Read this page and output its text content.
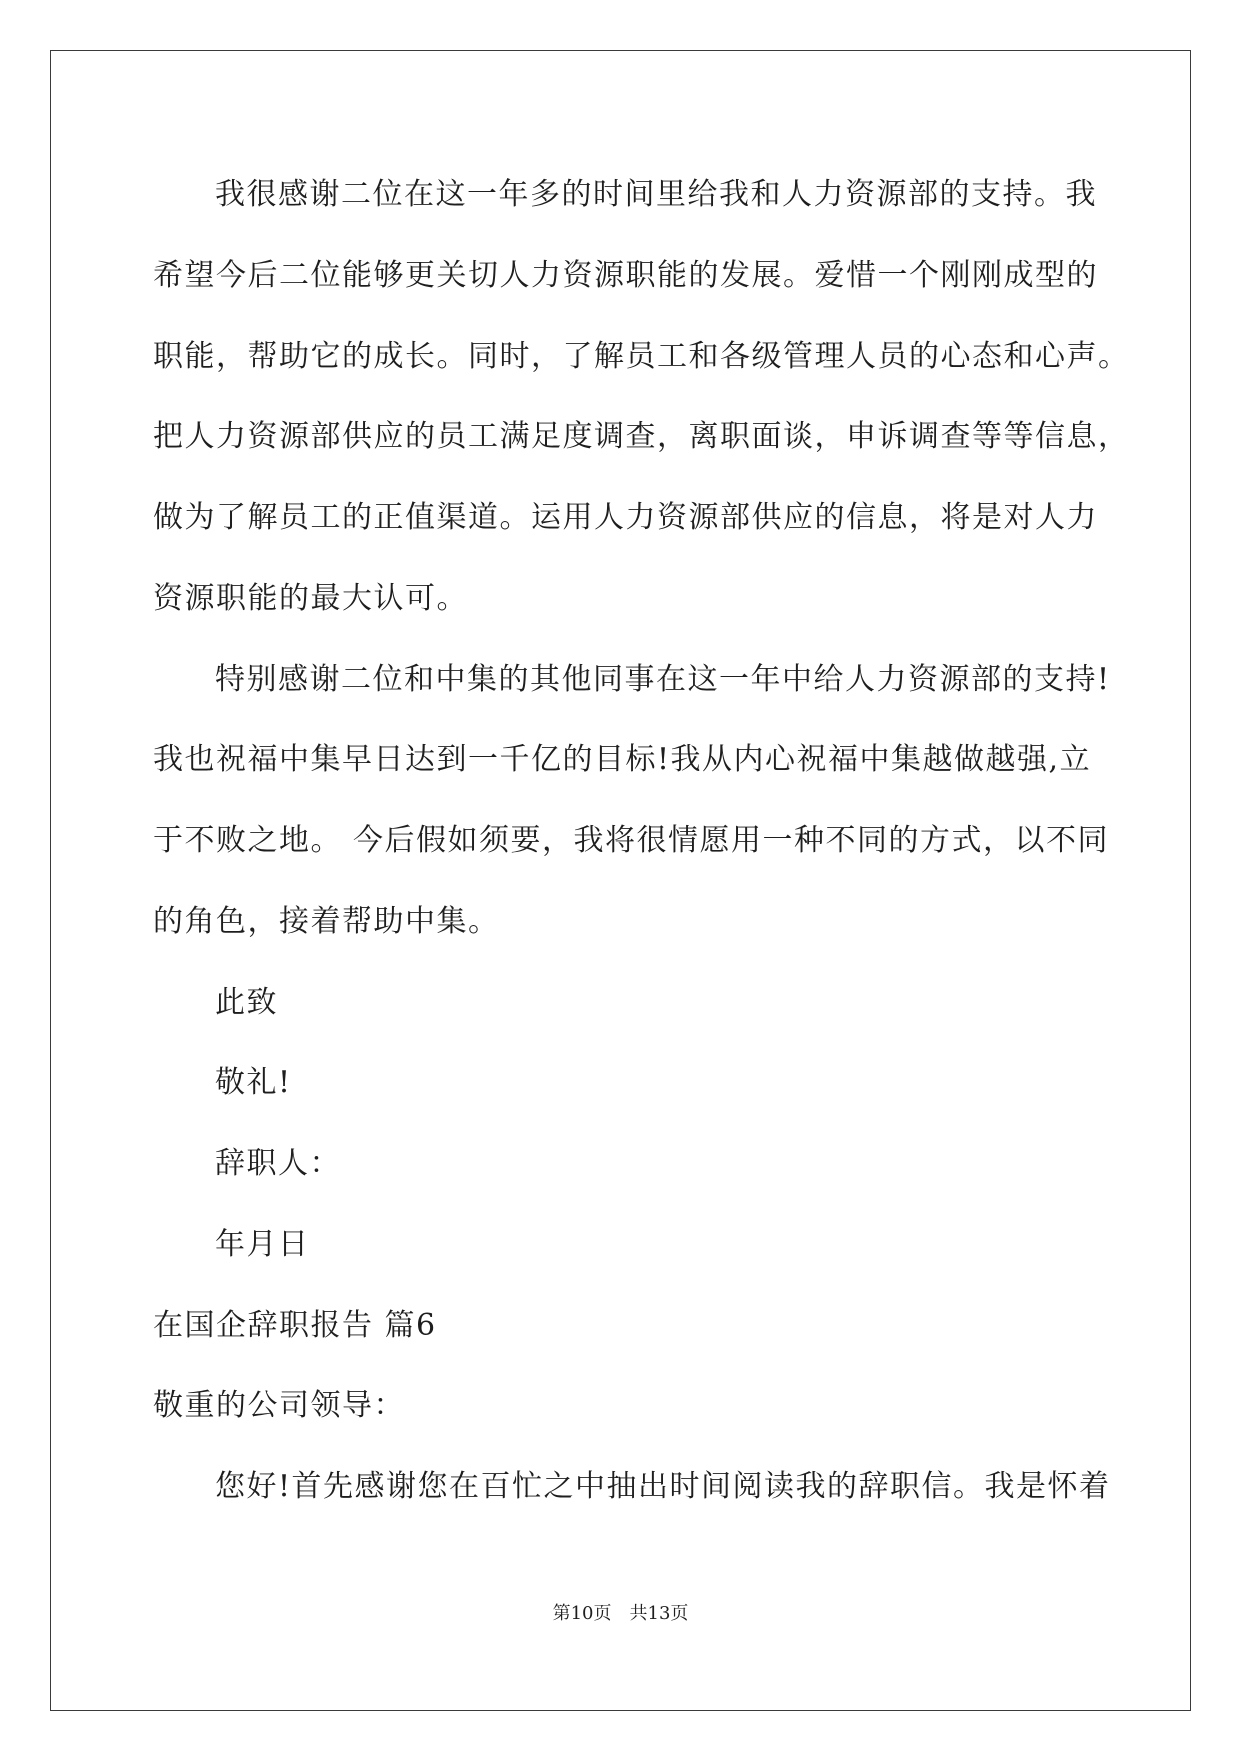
我很感谢二位在这一年多的时间里给我和人力资源部的支持。我
希望今后二位能够更关切人力资源职能的发展。爱惜一个刚刚成型的
职能，帮助它的成长。同时，了解员工和各级管理人员的心态和心声。
把人力资源部供应的员工满足度调查，离职面谈，申诉调查等等信息，
做为了解员工的正值渠道。运用人力资源部供应的信息，将是对人力
资源职能的最大认可。
特别感谢二位和中集的其他同事在这一年中给人力资源部的支持!
我也祝福中集早日达到一千亿的目标!我从内心祝福中集越做越强,立
于不败之地。 今后假如须要，我将很情愿用一种不同的方式，以不同
的角色，接着帮助中集。
此致
敬礼!
辞职人：
年月日
在国企辞职报告 篇6
敬重的公司领导：
您好!首先感谢您在百忙之中抽出时间阅读我的辞职信。我是怀着
第10页 共13页
